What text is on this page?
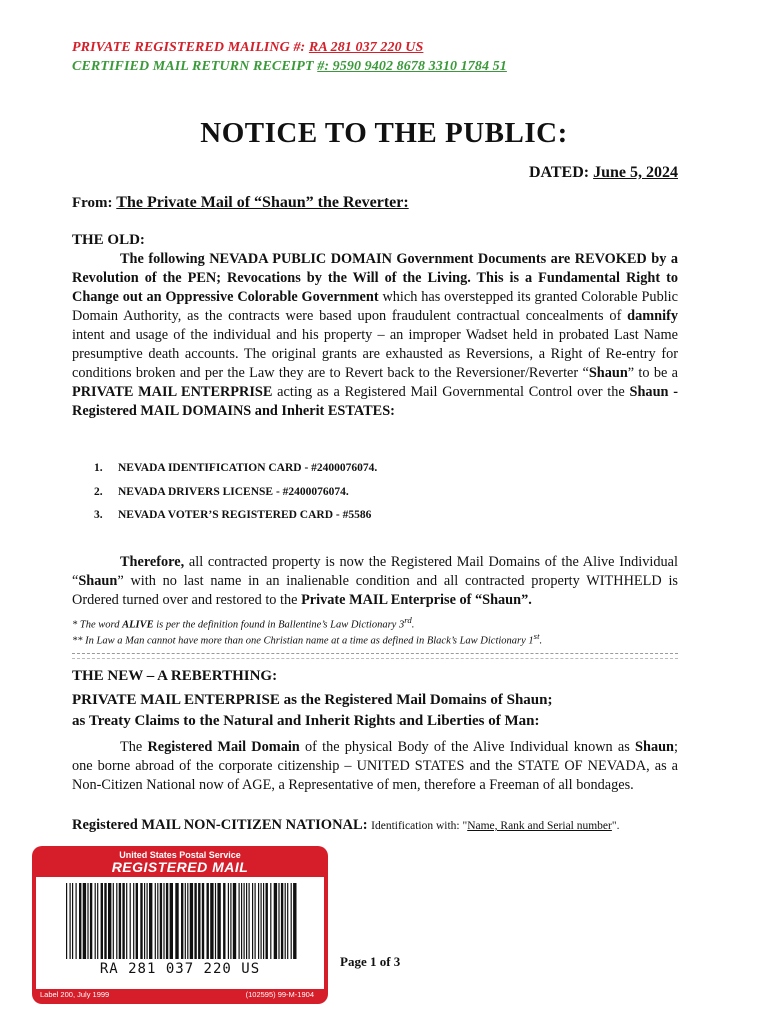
PRIVATE REGISTERED MAILING #: RA 281 037 220 US
CERTIFIED MAIL RETURN RECEIPT #: 9590 9402 8678 3310 1784 51
NOTICE TO THE PUBLIC:
DATED: June 5, 2024
From: The Private Mail of “Shaun” the Reverter:
THE OLD:

The following NEVADA PUBLIC DOMAIN Government Documents are REVOKED by a Revolution of the PEN; Revocations by the Will of the Living. This is a Fundamental Right to Change out an Oppressive Colorable Government which has overstepped its granted Colorable Public Domain Authority, as the contracts were based upon fraudulent contractual concealments of damnify intent and usage of the individual and his property – an improper Wadset held in probated Last Name presumptive death accounts. The original grants are exhausted as Reversions, a Right of Re-entry for conditions broken and per the Law they are to Revert back to the Reversioner/Reverter “Shaun” to be a PRIVATE MAIL ENTERPRISE acting as a Registered Mail Governmental Control over the Shaun - Registered MAIL DOMAINS and Inherit ESTATES:

1.	NEVADA IDENTIFICATION CARD - #2400076074.
2.	NEVADA DRIVERS LICENSE - #2400076074.
3.	NEVADA VOTER’S REGISTERED CARD - #5586

Therefore, all contracted property is now the Registered Mail Domains of the Alive Individual “Shaun” with no last name in an inalienable condition and all contracted property WITHHELD is Ordered turned over and restored to the Private MAIL Enterprise of “Shaun”.

* The word ALIVE is per the definition found in Ballentine’s Law Dictionary 3rd.
** In Law a Man cannot have more than one Christian name at a time as defined in Black’s Law Dictionary 1st.
THE NEW – A REBERTHING:
PRIVATE MAIL ENTERPRISE as the Registered Mail Domains of Shaun;
as Treaty Claims to the Natural and Inherit Rights and Liberties of Man:

The Registered Mail Domain of the physical Body of the Alive Individual known as Shaun; one borne abroad of the corporate citizenship – UNITED STATES and the STATE OF NEVADA, as a Non-Citizen National now of AGE, a Representative of men, therefore a Freeman of all bondages.

Registered MAIL NON-CITIZEN NATIONAL: Identification with: "Name, Rank and Serial number".
United States Postal Service
REGISTERED MAIL
RA 281 037 220 US
Label 200, July 1999	(102595) 99-M-1904
Page 1 of 3
